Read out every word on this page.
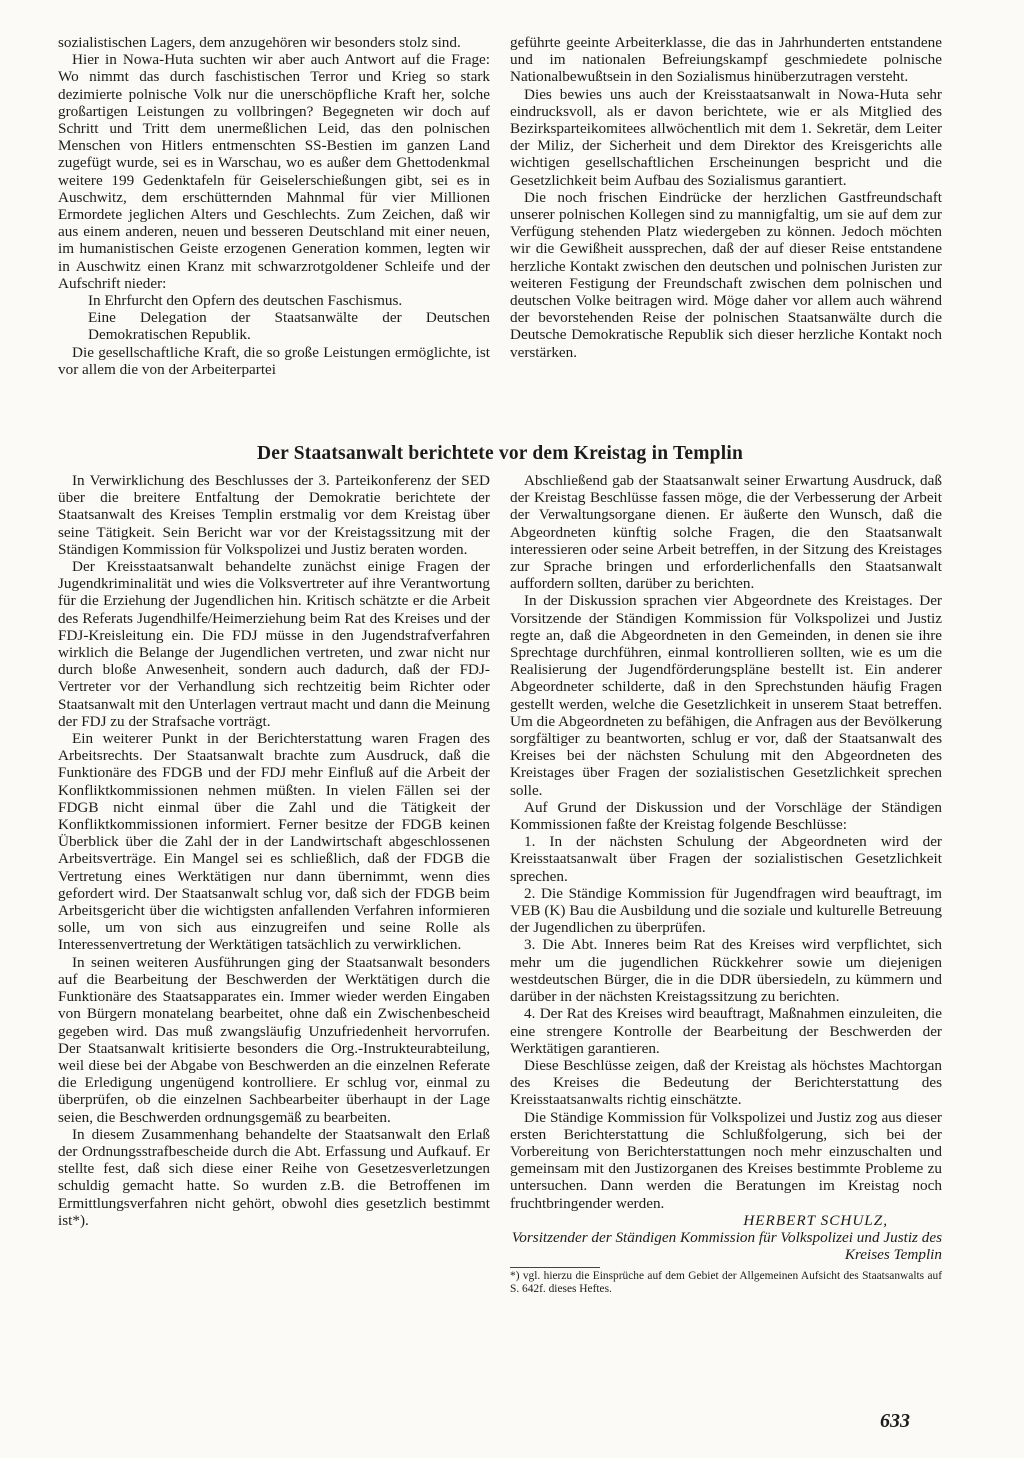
sozialistischen Lagers, dem anzugehören wir besonders stolz sind.

Hier in Nowa-Huta suchten wir aber auch Antwort auf die Frage: Wo nimmt das durch faschistischen Terror und Krieg so stark dezimierte polnische Volk nur die unerschöpfliche Kraft her, solche großartigen Leistungen zu vollbringen? Begegneten wir doch auf Schritt und Tritt dem unermeßlichen Leid, das den polnischen Menschen von Hitlers entmenschten SS-Bestien im ganzen Land zugefügt wurde, sei es in Warschau, wo es außer dem Ghettodenkmal weitere 199 Gedenktafeln für Geiselerschießungen gibt, sei es in Auschwitz, dem erschütternden Mahnmal für vier Millionen Ermordete jeglichen Alters und Geschlechts. Zum Zeichen, daß wir aus einem anderen, neuen und besseren Deutschland mit einer neuen, im humanistischen Geiste erzogenen Generation kommen, legten wir in Auschwitz einen Kranz mit schwarzrotgoldener Schleife und der Aufschrift nieder:

In Ehrfurcht den Opfern des deutschen Faschismus.
Eine Delegation der Staatsanwälte der Deutschen Demokratischen Republik.

Die gesellschaftliche Kraft, die so große Leistungen ermöglichte, ist vor allem die von der Arbeiterpartei

geführte geeinte Arbeiterklasse, die das in Jahrhunderten entstandene und im nationalen Befreiungskampf geschmiedete polnische Nationalbewußtsein in den Sozialismus hinüberzutragen versteht.

Dies bewies uns auch der Kreisstaatsanwalt in Nowa-Huta sehr eindrucksvoll, als er davon berichtete, wie er als Mitglied des Bezirksparteikomitees allwöchentlich mit dem 1. Sekretär, dem Leiter der Miliz, der Sicherheit und dem Direktor des Kreisgerichts alle wichtigen gesellschaftlichen Erscheinungen bespricht und die Gesetzlichkeit beim Aufbau des Sozialismus garantiert.

Die noch frischen Eindrücke der herzlichen Gastfreundschaft unserer polnischen Kollegen sind zu mannigfaltig, um sie auf dem zur Verfügung stehenden Platz wiedergeben zu können. Jedoch möchten wir die Gewißheit aussprechen, daß der auf dieser Reise entstandene herzliche Kontakt zwischen den deutschen und polnischen Juristen zur weiteren Festigung der Freundschaft zwischen dem polnischen und deutschen Volke beitragen wird. Möge daher vor allem auch während der bevorstehenden Reise der polnischen Staatsanwälte durch die Deutsche Demokratische Republik sich dieser herzliche Kontakt noch verstärken.

Der Staatsanwalt berichtete vor dem Kreistag in Templin

In Verwirklichung des Beschlusses der 3. Parteikonferenz der SED über die breitere Entfaltung der Demokratie berichtete der Staatsanwalt des Kreises Templin erstmalig vor dem Kreistag über seine Tätigkeit. Sein Bericht war vor der Kreistagssitzung mit der Ständigen Kommission für Volkspolizei und Justiz beraten worden.

Der Kreisstaatsanwalt behandelte zunächst einige Fragen der Jugendkriminalität und wies die Volksvertreter auf ihre Verantwortung für die Erziehung der Jugendlichen hin. Kritisch schätzte er die Arbeit des Referats Jugendhilfe/Heimerziehung beim Rat des Kreises und der FDJ-Kreisleitung ein. Die FDJ müsse in den Jugendstrafverfahren wirklich die Belange der Jugendlichen vertreten, und zwar nicht nur durch bloße Anwesenheit, sondern auch dadurch, daß der FDJ-Vertreter vor der Verhandlung sich rechtzeitig beim Richter oder Staatsanwalt mit den Unterlagen vertraut macht und dann die Meinung der FDJ zu der Strafsache vorträgt.

Ein weiterer Punkt in der Berichterstattung waren Fragen des Arbeitsrechts. Der Staatsanwalt brachte zum Ausdruck, daß die Funktionäre des FDGB und der FDJ mehr Einfluß auf die Arbeit der Konfliktkommissionen nehmen müßten. In vielen Fällen sei der FDGB nicht einmal über die Zahl und die Tätigkeit der Konfliktkommissionen informiert. Ferner besitze der FDGB keinen Überblick über die Zahl der in der Landwirtschaft abgeschlossenen Arbeitsverträge. Ein Mangel sei es schließlich, daß der FDGB die Vertretung eines Werktätigen nur dann übernimmt, wenn dies gefordert wird. Der Staatsanwalt schlug vor, daß sich der FDGB beim Arbeitsgericht über die wichtigsten anfallenden Verfahren informieren solle, um von sich aus einzugreifen und seine Rolle als Interessenvertretung der Werktätigen tatsächlich zu verwirklichen.

In seinen weiteren Ausführungen ging der Staatsanwalt besonders auf die Bearbeitung der Beschwerden der Werktätigen durch die Funktionäre des Staatsapparates ein. Immer wieder werden Eingaben von Bürgern monatelang bearbeitet, ohne daß ein Zwischenbescheid gegeben wird. Das muß zwangsläufig Unzufriedenheit hervorrufen. Der Staatsanwalt kritisierte besonders die Org.-Instrukteurabteilung, weil diese bei der Abgabe von Beschwerden an die einzelnen Referate die Erledigung ungenügend kontrolliere. Er schlug vor, einmal zu überprüfen, ob die einzelnen Sachbearbeiter überhaupt in der Lage seien, die Beschwerden ordnungsgemäß zu bearbeiten.

In diesem Zusammenhang behandelte der Staatsanwalt den Erlaß der Ordnungsstrafbescheide durch die Abt. Erfassung und Aufkauf. Er stellte fest, daß sich diese einer Reihe von Gesetzesverletzungen schuldig gemacht hatte. So wurden z.B. die Betroffenen im Ermittlungsverfahren nicht gehört, obwohl dies gesetzlich bestimmt ist*).

Abschließend gab der Staatsanwalt seiner Erwartung Ausdruck, daß der Kreistag Beschlüsse fassen möge, die der Verbesserung der Arbeit der Verwaltungsorgane dienen. Er äußerte den Wunsch, daß die Abgeordneten künftig solche Fragen, die den Staatsanwalt interessieren oder seine Arbeit betreffen, in der Sitzung des Kreistages zur Sprache bringen und erforderlichenfalls den Staatsanwalt auffordern sollten, darüber zu berichten.

In der Diskussion sprachen vier Abgeordnete des Kreistages. Der Vorsitzende der Ständigen Kommission für Volkspolizei und Justiz regte an, daß die Abgeordneten in den Gemeinden, in denen sie ihre Sprechtage durchführen, einmal kontrollieren sollten, wie es um die Realisierung der Jugendförderungspläne bestellt ist. Ein anderer Abgeordneter schilderte, daß in den Sprechstunden häufig Fragen gestellt werden, welche die Gesetzlichkeit in unserem Staat betreffen. Um die Abgeordneten zu befähigen, die Anfragen aus der Bevölkerung sorgfältiger zu beantworten, schlug er vor, daß der Staatsanwalt des Kreises bei der nächsten Schulung mit den Abgeordneten des Kreistages über Fragen der sozialistischen Gesetzlichkeit sprechen solle.

Auf Grund der Diskussion und der Vorschläge der Ständigen Kommissionen faßte der Kreistag folgende Beschlüsse:

1. In der nächsten Schulung der Abgeordneten wird der Kreisstaatsanwalt über Fragen der sozialistischen Gesetzlichkeit sprechen.

2. Die Ständige Kommission für Jugendfragen wird beauftragt, im VEB (K) Bau die Ausbildung und die soziale und kulturelle Betreuung der Jugendlichen zu überprüfen.

3. Die Abt. Inneres beim Rat des Kreises wird verpflichtet, sich mehr um die jugendlichen Rückkehrer sowie um diejenigen westdeutschen Bürger, die in die DDR übersiedeln, zu kümmern und darüber in der nächsten Kreistagssitzung zu berichten.

4. Der Rat des Kreises wird beauftragt, Maßnahmen einzuleiten, die eine strengere Kontrolle der Bearbeitung der Beschwerden der Werktätigen garantieren.

Diese Beschlüsse zeigen, daß der Kreistag als höchstes Machtorgan des Kreises die Bedeutung der Berichterstattung des Kreisstaatsanwalts richtig einschätzte.

Die Ständige Kommission für Volkspolizei und Justiz zog aus dieser ersten Berichterstattung die Schlußfolgerung, sich bei der Vorbereitung von Berichterstattungen noch mehr einzuschalten und gemeinsam mit den Justizorganen des Kreises bestimmte Probleme zu untersuchen. Dann werden die Beratungen im Kreistag noch fruchtbringender werden.

HERBERT SCHULZ,
Vorsitzender der Ständigen Kommission für Volkspolizei und Justiz des Kreises Templin
*) vgl. hierzu die Einsprüche auf dem Gebiet der Allgemeinen Aufsicht des Staatsanwalts auf S. 642f. dieses Heftes.
633
